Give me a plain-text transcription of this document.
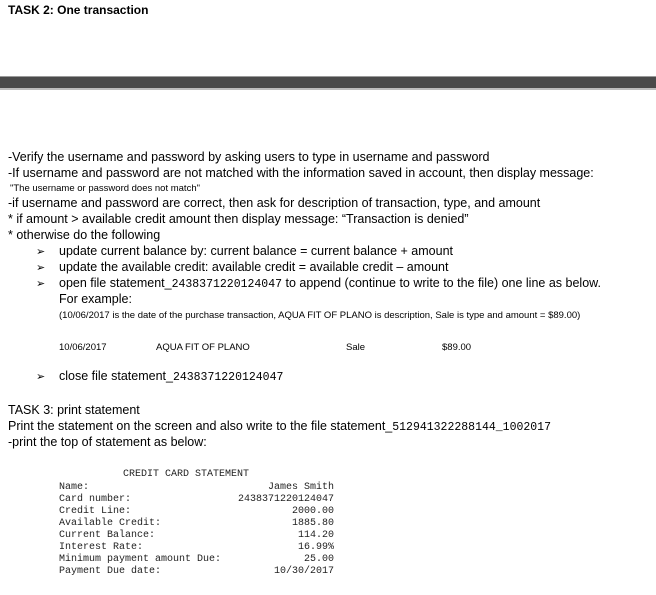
TASK 2: One transaction
-Verify the username and password by asking users to type in username and password
-If username and password are not matched with the information saved in account, then display message:
"The username or password does not match"
-if username and password are correct, then ask for description of transaction, type, and amount
* if amount > available credit amount then display message: “Transaction is denied”
* otherwise do the following
➢ update current balance by: current balance = current balance + amount
➢ update the available credit: available credit = available credit – amount
➢ open file statement_2438371220124047 to append (continue to write to the file) one line as below.
For example:
(10/06/2017 is the date of the purchase transaction, AQUA FIT OF PLANO is description, Sale is type and amount = $89.00)
10/06/2017	AQUA FIT OF PLANO	Sale	$89.00
➢ close file statement_2438371220124047
TASK 3: print statement
Print the statement on the screen and also write to the file statement_512941322288144_1002017
-print the top of statement as below:
CREDIT CARD STATEMENT
Name:	James Smith
Card number:	2438371220124047
Credit Line:	2000.00
Available Credit:	1885.80
Current Balance:	114.20
Interest Rate:	16.99%
Minimum payment amount Due:	25.00
Payment Due date:	10/30/2017
